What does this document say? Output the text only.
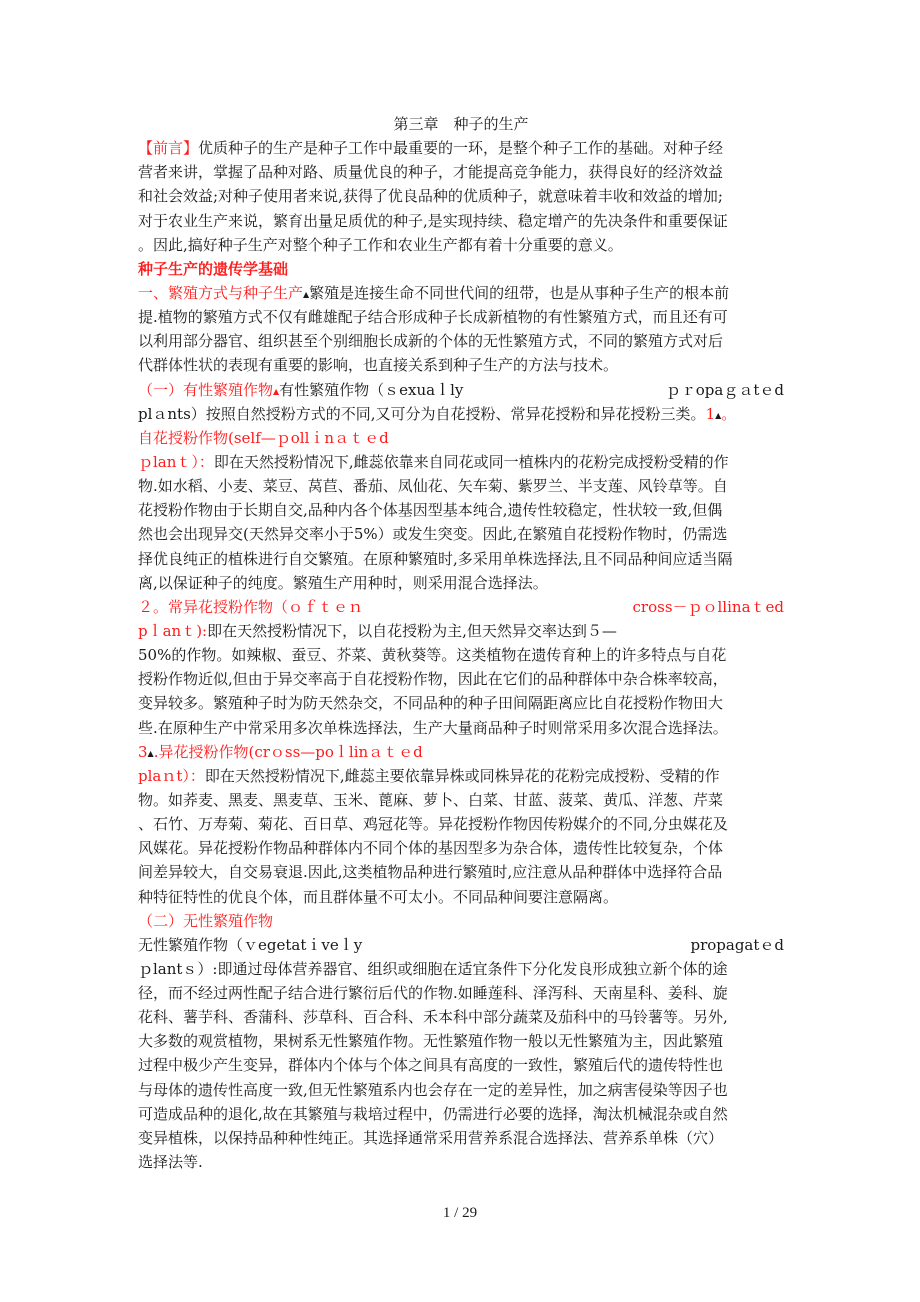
第三章　种子的生产
【前言】优质种子的生产是种子工作中最重要的一环，是整个种子工作的基础。对种子经
营者来讲，掌握了品种对路、质量优良的种子，才能提高竞争能力，获得良好的经济效益
和社会效益;对种子使用者来说,获得了优良品种的优质种子，就意味着丰收和效益的增加;
对于农业生产来说，繁育出量足质优的种子,是实现持续、稳定增产的先决条件和重要保证
。因此,搞好种子生产对整个种子工作和农业生产都有着十分重要的意义。
种子生产的遗传学基础
一、繁殖方式与种子生产▲繁殖是连接生命不同世代间的纽带，也是从事种子生产的根本前
提.植物的繁殖方式不仅有雌雄配子结合形成种子长成新植物的有性繁殖方式，而且还有可
以利用部分器官、组织甚至个别细胞长成新的个体的无性繁殖方式，不同的繁殖方式对后
代群体性状的表现有重要的影响，也直接关系到种子生产的方法与技术。
（一）有性繁殖作物▲有性繁殖作物（ｓexuaｌly	ｐｒopaｇａtｅd
plａnts）按照自然授粉方式的不同,又可分为自花授粉、常异花授粉和异花授粉三类。1▲。
自花授粉作物(self—ｐollｉnａｔｅd
ｐlanｔ）：即在天然授粉情况下,雌蕊依靠来自同花或同一植株内的花粉完成授粉受精的作
物.如水稻、小麦、菜豆、莴苣、番茄、凤仙花、矢车菊、紫罗兰、半支莲、风铃草等。自
花授粉作物由于长期自交,品种内各个体基因型基本纯合,遗传性较稳定，性状较一致,但偶
然也会出现异交(天然异交率小于5%）或发生突变。因此,在繁殖自花授粉作物时，仍需选
择优良纯正的植株进行自交繁殖。在原种繁殖时,多采用单株选择法,且不同品种间应适当隔
离,以保证种子的纯度。繁殖生产用种时，则采用混合选择法。
２。常异花授粉作物（ｏｆｔｅｎ	cross－ｐｏllinaｔed
pｌanｔ):即在天然授粉情况下，以自花授粉为主,但天然异交率达到５—
50%的作物。如辣椒、蚕豆、芥菜、黄秋葵等。这类植物在遗传育种上的许多特点与自花
授粉作物近似,但由于异交率高于自花授粉作物，因此在它们的品种群体中杂合株率较高，
变异较多。繁殖种子时为防天然杂交，不同品种的种子田间隔距离应比自花授粉作物田大
些.在原种生产中常采用多次单株选择法，生产大量商品种子时则常采用多次混合选择法。
3▲.异花授粉作物(crｏss—poｌlinａｔｅd
plaｎt）：即在天然授粉情况下,雌蕊主要依靠异株或同株异花的花粉完成授粉、受精的作
物。如荞麦、黑麦、黑麦草、玉米、蓖麻、萝卜、白菜、甘蓝、菠菜、黄瓜、洋葱、芹菜
、石竹、万寿菊、菊花、百日草、鸡冠花等。异花授粉作物因传粉媒介的不同,分虫媒花及
风媒花。异花授粉作物品种群体内不同个体的基因型多为杂合体，遗传性比较复杂，个体
间差异较大，自交易衰退.因此,这类植物品种进行繁殖时,应注意从品种群体中选择符合品
种特征特性的优良个体，而且群体量不可太小。不同品种间要注意隔离。
（二）无性繁殖作物
无性繁殖作物（ｖegetatｉveｌy	propagatｅd
ｐlantｓ）:即通过母体营养器官、组织或细胞在适宜条件下分化发良形成独立新个体的途
径，而不经过两性配子结合进行繁衍后代的作物.如睡莲科、泽泻科、天南星科、姜科、旋
花科、薯芋科、香蒲科、莎草科、百合科、禾本科中部分蔬菜及茄科中的马铃薯等。另外,
大多数的观赏植物，果树系无性繁殖作物。无性繁殖作物一般以无性繁殖为主，因此繁殖
过程中极少产生变异，群体内个体与个体之间具有高度的一致性，繁殖后代的遗传特性也
与母体的遗传性高度一致,但无性繁殖系内也会存在一定的差异性，加之病害侵染等因子也
可造成品种的退化,故在其繁殖与栽培过程中，仍需进行必要的选择，淘汰机械混杂或自然
变异植株，以保持品种种性纯正。其选择通常采用营养系混合选择法、营养系单株（穴）
选择法等.
1 / 29
